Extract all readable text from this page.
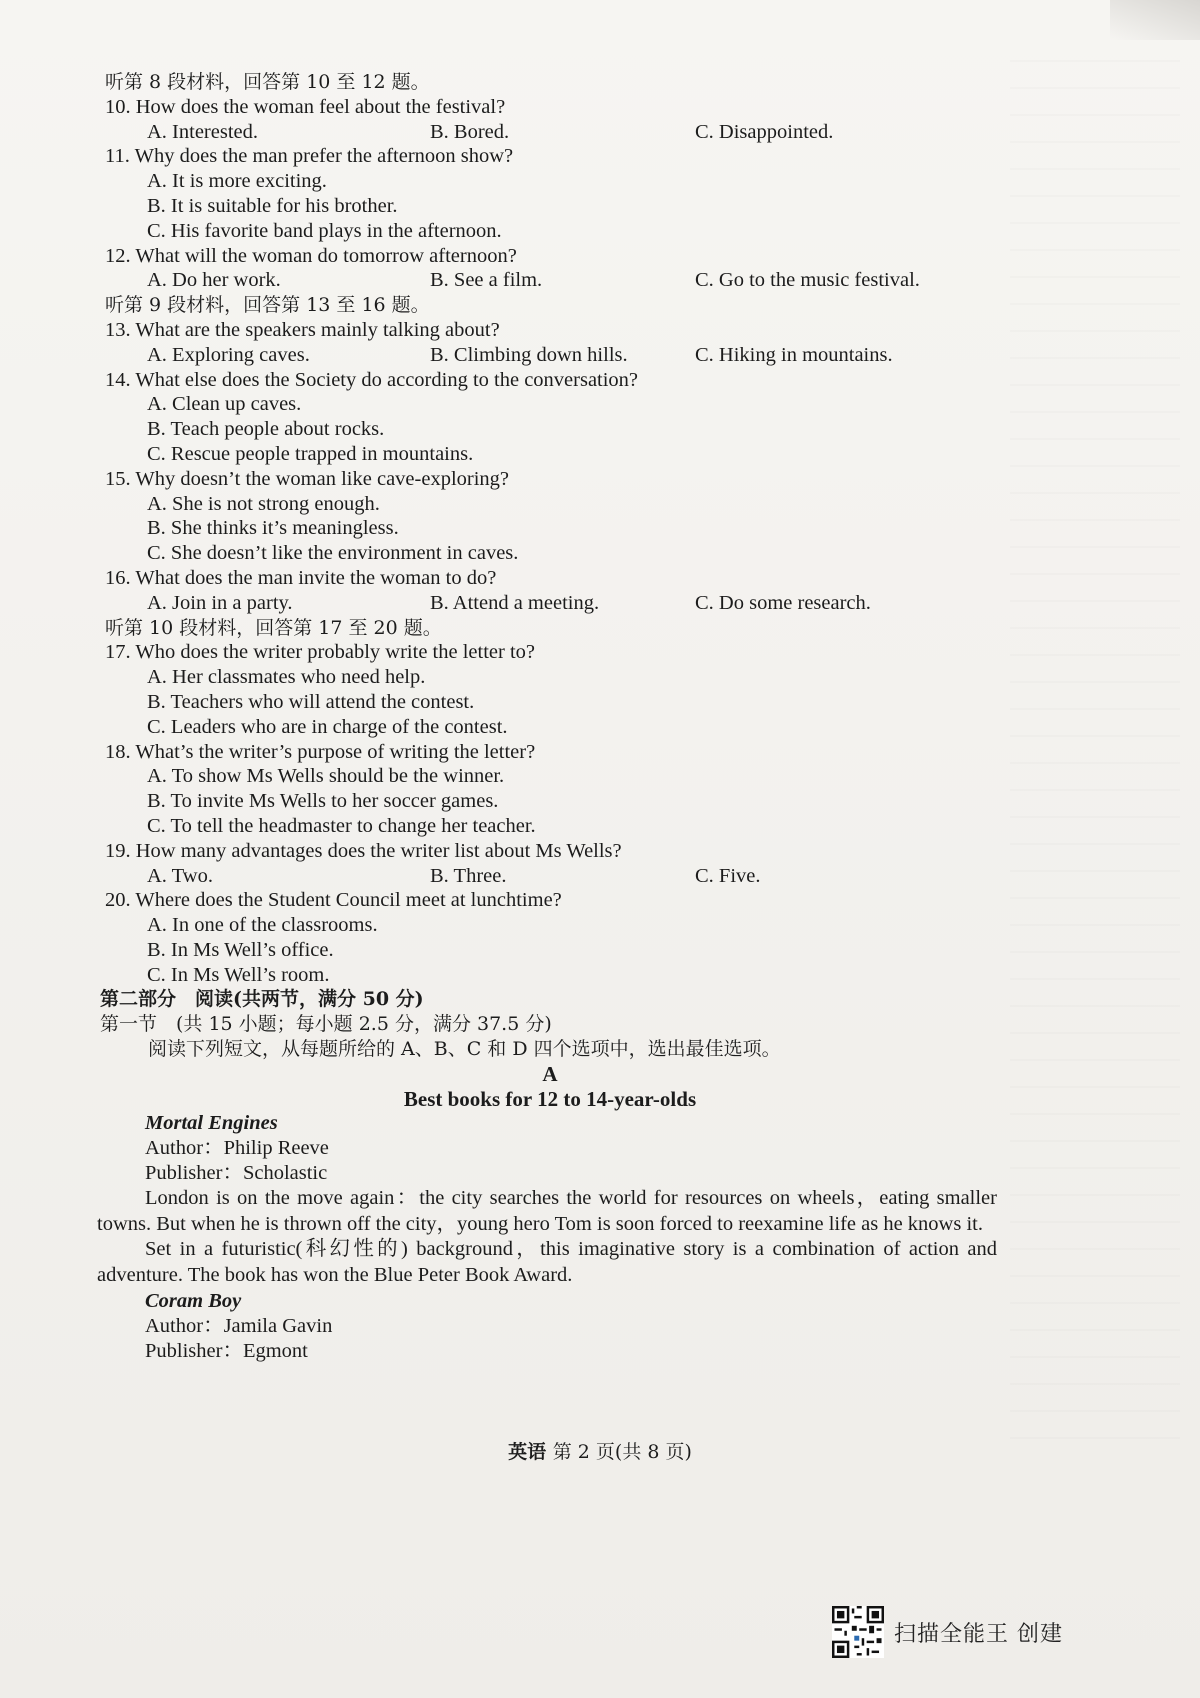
听第 8 段材料，回答第 10 至 12 题。
10. How does the woman feel about the festival?
A. Interested.	B. Bored.	C. Disappointed.
11. Why does the man prefer the afternoon show?
A. It is more exciting.
B. It is suitable for his brother.
C. His favorite band plays in the afternoon.
12. What will the woman do tomorrow afternoon?
A. Do her work.	B. See a film.	C. Go to the music festival.
听第 9 段材料，回答第 13 至 16 题。
13. What are the speakers mainly talking about?
A. Exploring caves.	B. Climbing down hills.	C. Hiking in mountains.
14. What else does the Society do according to the conversation?
A. Clean up caves.
B. Teach people about rocks.
C. Rescue people trapped in mountains.
15. Why doesn’t the woman like cave-exploring?
A. She is not strong enough.
B. She thinks it’s meaningless.
C. She doesn’t like the environment in caves.
16. What does the man invite the woman to do?
A. Join in a party.	B. Attend a meeting.	C. Do some research.
听第 10 段材料，回答第 17 至 20 题。
17. Who does the writer probably write the letter to?
A. Her classmates who need help.
B. Teachers who will attend the contest.
C. Leaders who are in charge of the contest.
18. What’s the writer’s purpose of writing the letter?
A. To show Ms Wells should be the winner.
B. To invite Ms Wells to her soccer games.
C. To tell the headmaster to change her teacher.
19. How many advantages does the writer list about Ms Wells?
A. Two.	B. Three.	C. Five.
20. Where does the Student Council meet at lunchtime?
A. In one of the classrooms.
B. In Ms Well’s office.
C. In Ms Well’s room.
第二部分　阅读(共两节，满分 50 分)
第一节　(共 15 小题；每小题 2.5 分，满分 37.5 分)
阅读下列短文，从每题所给的 A、B、C 和 D 四个选项中，选出最佳选项。
A
Best books for 12 to 14-year-olds
Mortal Engines
Author：Philip Reeve
Publisher：Scholastic
London is on the move again：the city searches the world for resources on wheels，eating smaller towns. But when he is thrown off the city，young hero Tom is soon forced to reexamine life as he knows it.
Set in a futuristic(科幻性的) background，this imaginative story is a combination of action and adventure. The book has won the Blue Peter Book Award.
Coram Boy
Author：Jamila Gavin
Publisher：Egmont
英语 第 2 页(共 8 页)
扫描全能王 创建
